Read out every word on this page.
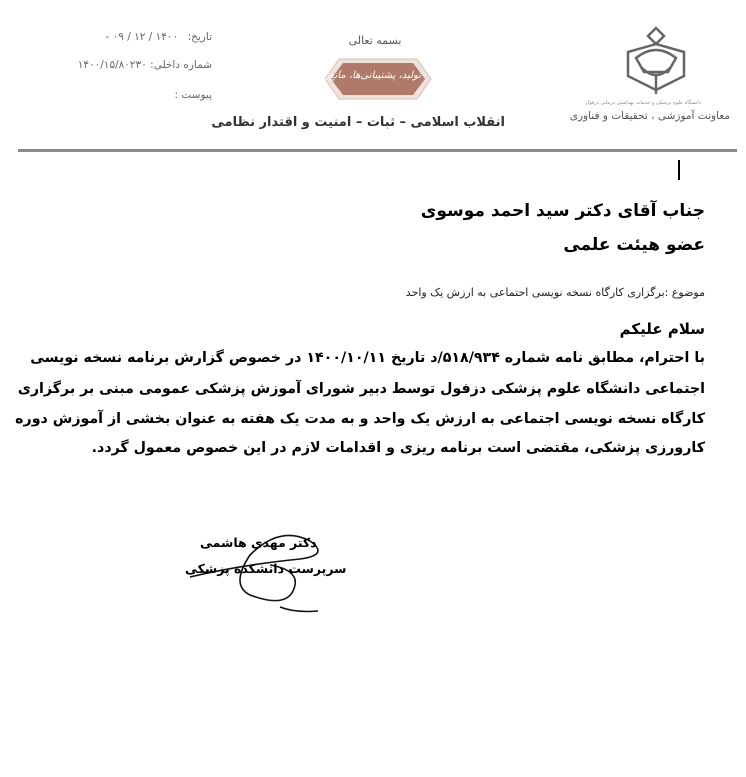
تاریخ: ۱۴۰۰ / ۱۲ / ۰۹ -
شماره داخلی: ۱۴۰۰/۱۵/۸۰۲۳۰
پیوست :
بسمه تعالی
تولید، پشتیبانی‌ها، مانع‌زدایی‌ها
انقلاب اسلامی – ثبات – امنیت و اقتدار نظامی
دانشگاه علوم پزشکی و خدمات بهداشتی درمانی دزفول
معاونت آموزشی ، تحقیقات و فناوری
جناب آقای دکتر سید احمد موسوی
عضو هیئت علمی
موضوع :برگزاری کارگاه نسخه نویسی احتماعی به ارزش یک واحد
سلام علیکم
با احترام، مطابق نامه شماره ۵۱۸/۹۳۴/د تاریخ ۱۴۰۰/۱۰/۱۱ در خصوص گزارش برنامه نسخه نویسی
اجتماعی دانشگاه علوم پزشکی دزفول توسط دبیر شورای آموزش پزشکی عمومی مبنی بر برگزاری
کارگاه نسخه نویسی اجتماعی به ارزش یک واحد و به مدت یک هفته به عنوان بخشی از آموزش دوره
کارورزی پزشکی، مقتضی است برنامه ریزی و اقدامات لازم در این خصوص معمول گردد.
دکتر مهدی هاشمی
سرپرست دانشکده پزشکی
